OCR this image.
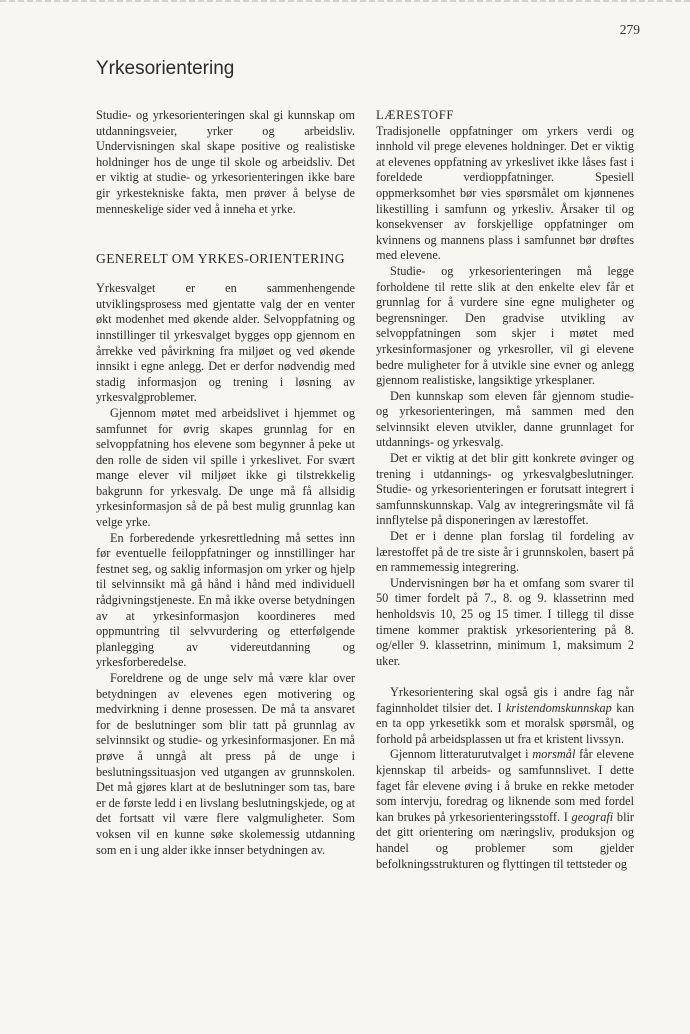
279
Yrkesorientering

Studie- og yrkesorienteringen skal gi kunnskap om utdanningsveier, yrker og arbeidsliv. Undervisningen skal skape positive og realistiske holdninger hos de unge til skole og arbeidsliv. Det er viktig at studie- og yrkesorienteringen ikke bare gir yrkestekniske fakta, men prøver å belyse de menneskelige sider ved å inneha et yrke.

GENERELT OM YRKES-ORIENTERING

Yrkesvalget er en sammenhengende utviklingsprosess med gjentatte valg der en venter økt modenhet med økende alder. Selvoppfatning og innstillinger til yrkesvalget bygges opp gjennom en årrekke ved påvirkning fra miljøet og ved økende innsikt i egne anlegg. Det er derfor nødvendig med stadig informasjon og trening i løsning av yrkesvalgproblemer.

Gjennom møtet med arbeidslivet i hjemmet og samfunnet for øvrig skapes grunnlag for en selvoppfatning hos elevene som begynner å peke ut den rolle de siden vil spille i yrkeslivet. For svært mange elever vil miljøet ikke gi tilstrekkelig bakgrunn for yrkesvalg. De unge må få allsidig yrkesinformasjon så de på best mulig grunnlag kan velge yrke.

En forberedende yrkesrettledning må settes inn før eventuelle feiloppfatninger og innstillinger har festnet seg, og saklig informasjon om yrker og hjelp til selvinnsikt må gå hånd i hånd med individuell rådgivningstjeneste. En må ikke overse betydningen av at yrkesinformasjon koordineres med oppmuntring til selvvurdering og etterfølgende planlegging av videreutdanning og yrkesforberedelse.

Foreldrene og de unge selv må være klar over betydningen av elevenes egen motivering og medvirkning i denne prosessen. De må ta ansvaret for de beslutninger som blir tatt på grunnlag av selvinnsikt og studie- og yrkesinformasjoner. En må prøve å unngå alt press på de unge i beslutningssituasjon ved utgangen av grunnskolen. Det må gjøres klart at de beslutninger som tas, bare er de første ledd i en livslang beslutningskjede, og at det fortsatt vil være flere valgmuligheter. Som voksen vil en kunne søke skolemessig utdanning som en i ung alder ikke innser betydningen av.

LÆRESTOFF

Tradisjonelle oppfatninger om yrkers verdi og innhold vil prege elevenes holdninger. Det er viktig at elevenes oppfatning av yrkeslivet ikke låses fast i foreldede verdioppfatninger. Spesiell oppmerksomhet bør vies spørsmålet om kjønnenes likestilling i samfunn og yrkesliv. Årsaker til og konsekvenser av forskjellige oppfatninger om kvinnens og mannens plass i samfunnet bør drøftes med elevene.

Studie- og yrkesorienteringen må legge forholdene til rette slik at den enkelte elev får et grunnlag for å vurdere sine egne muligheter og begrensninger. Den gradvise utvikling av selvoppfatningen som skjer i møtet med yrkesinformasjoner og yrkesroller, vil gi elevene bedre muligheter for å utvikle sine evner og anlegg gjennom realistiske, langsiktige yrkesplaner.

Den kunnskap som eleven får gjennom studie- og yrkesorienteringen, må sammen med den selvinnsikt eleven utvikler, danne grunnlaget for utdannings- og yrkesvalg.

Det er viktig at det blir gitt konkrete øvinger og trening i utdannings- og yrkesvalgbeslutninger. Studie- og yrkesorienteringen er forutsatt integrert i samfunnskunnskap. Valg av integreringsmåte vil få innflytelse på disponeringen av lærestoffet.

Det er i denne plan forslag til fordeling av lærestoffet på de tre siste år i grunnskolen, basert på en rammemessig integrering.

Undervisningen bør ha et omfang som svarer til 50 timer fordelt på 7., 8. og 9. klassetrinn med henholdsvis 10, 25 og 15 timer. I tillegg til disse timene kommer praktisk yrkesorientering på 8. og/eller 9. klassetrinn, minimum 1, maksimum 2 uker.

Yrkesorientering skal også gis i andre fag når faginnholdet tilsier det. I kristendomskunnskap kan en ta opp yrkesetikk som et moralsk spørsmål, og forhold på arbeidsplassen ut fra et kristent livssyn.

Gjennom litteraturutvalget i morsmål får elevene kjennskap til arbeids- og samfunnslivet. I dette faget får elevene øving i å bruke en rekke metoder som intervju, foredrag og liknende som med fordel kan brukes på yrkesorienteringsstoff. I geografi blir det gitt orientering om næringsliv, produksjon og handel og problemer som gjelder befolkningsstrukturen og flyttingen til tettsteder og
